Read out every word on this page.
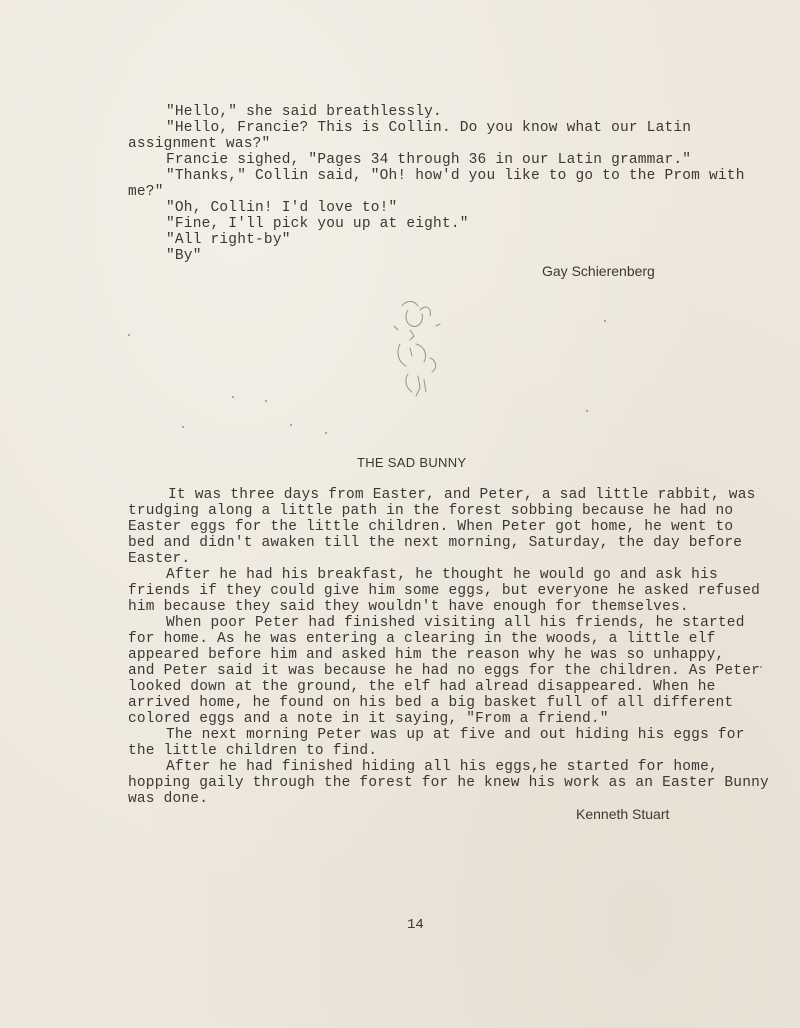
"Hello," she said breathlessly.
"Hello, Francie? This is Collin. Do you know what our Latin
assignment was?"
Francie sighed, "Pages 34 through 36 in our Latin grammar."
"Thanks," Collin said, "Oh! how'd you like to go to the Prom with
me?"
"Oh, Collin! I'd love to!"
"Fine, I'll pick you up at eight."
"All right-by"
"By"
Gay Schierenberg
THE SAD BUNNY
It was three days from Easter, and Peter, a sad little rabbit, was
trudging along a little path in the forest sobbing because he had no
Easter eggs for the little children. When Peter got home, he went to
bed and didn't awaken till the next morning, Saturday, the day before
Easter.
After he had his breakfast, he thought he would go and ask his
friends if they could give him some eggs, but everyone he asked refused
him because they said they wouldn't have enough for themselves.
When poor Peter had finished visiting all his friends, he started
for home. As he was entering a clearing in the woods, a little elf
appeared before him and asked him the reason why he was so unhappy,
and Peter said it was because he had no eggs for the children. As Peter
looked down at the ground, the elf had alread disappeared. When he
arrived home, he found on his bed a big basket full of all different
colored eggs and a note in it saying, "From a friend."
The next morning Peter was up at five and out hiding his eggs for
the little children to find.
After he had finished hiding all his eggs,he started for home,
hopping gaily through the forest for he knew his work as an Easter Bunny
was done.
Kenneth Stuart
14
